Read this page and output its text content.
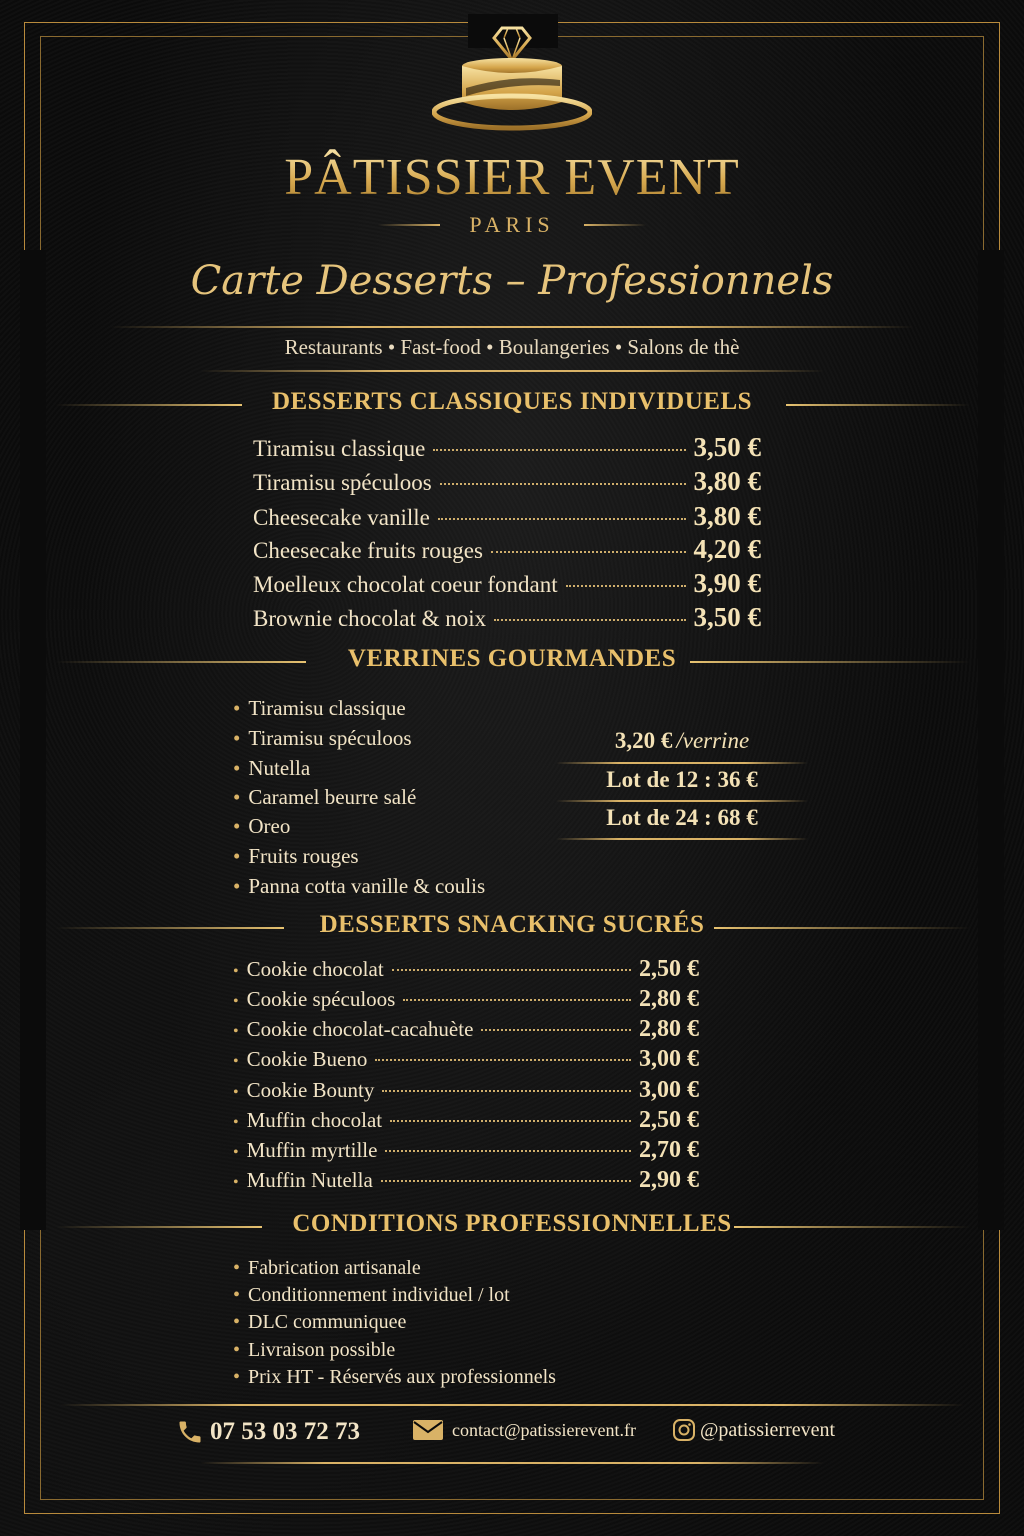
PÂTISSIER EVENT
PARIS
Carte Desserts – Professionnels
Restaurants • Fast-food • Boulangeries • Salons de thè
DESSERTS CLASSIQUES INDIVIDUELS
Tiramisu classique	3,50 €
Tiramisu spéculoos	3,80 €
Cheesecake vanille	3,80 €
Cheesecake fruits rouges	4,20 €
Moelleux chocolat coeur fondant	3,90 €
Brownie chocolat & noix	3,50 €
VERRINES GOURMANDES
• Tiramisu classique
• Tiramisu spéculoos
• Nutella
• Caramel beurre salé
• Oreo
• Fruits rouges
• Panna cotta vanille & coulis
3,20 € /verrine
Lot de 12 : 36 €
Lot de 24 : 68 €
DESSERTS SNACKING SUCRÉS
• Cookie chocolat	2,50 €
• Cookie spéculoos	2,80 €
• Cookie chocolat-cacahuète	2,80 €
• Cookie Bueno	3,00 €
• Cookie Bounty	3,00 €
• Muffin chocolat	2,50 €
• Muffin myrtille	2,70 €
• Muffin Nutella	2,90 €
CONDITIONS PROFESSIONNELLES
• Fabrication artisanale
• Conditionnement individuel / lot
• DLC communiquee
• Livraison possible
• Prix HT - Réservés aux professionnels
07 53 03 72 73	contact@patissierevent.fr	@patissierrevent
